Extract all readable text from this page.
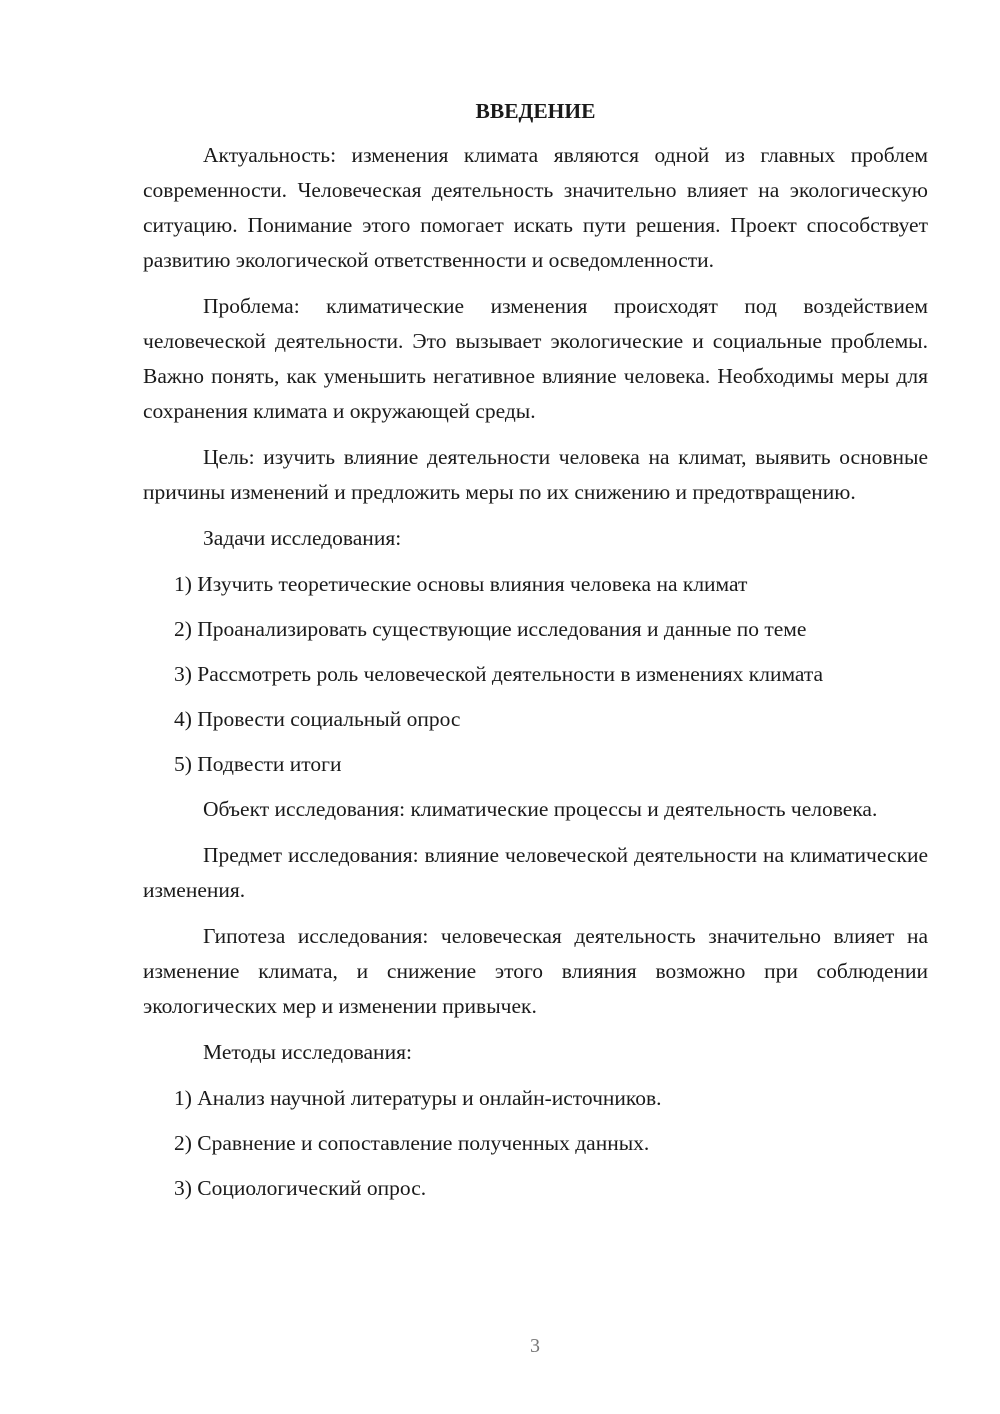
ВВЕДЕНИЕ

Актуальность: изменения климата являются одной из главных проблем современности. Человеческая деятельность значительно влияет на экологическую ситуацию. Понимание этого помогает искать пути решения. Проект способствует развитию экологической ответственности и осведомленности.

Проблема: климатические изменения происходят под воздействием человеческой деятельности. Это вызывает экологические и социальные проблемы. Важно понять, как уменьшить негативное влияние человека. Необходимы меры для сохранения климата и окружающей среды.

Цель: изучить влияние деятельности человека на климат, выявить основные причины изменений и предложить меры по их снижению и предотвращению.

Задачи исследования:

1) Изучить теоретические основы влияния человека на климат

2) Проанализировать существующие исследования и данные по теме

3) Рассмотреть роль человеческой деятельности в изменениях климата

4) Провести социальный опрос

5) Подвести итоги

Объект исследования: климатические процессы и деятельность человека.

Предмет исследования: влияние человеческой деятельности на климатические изменения.

Гипотеза исследования: человеческая деятельность значительно влияет на изменение климата, и снижение этого влияния возможно при соблюдении экологических мер и изменении привычек.

Методы исследования:

1) Анализ научной литературы и онлайн-источников.

2) Сравнение и сопоставление полученных данных.

3) Социологический опрос.

3
